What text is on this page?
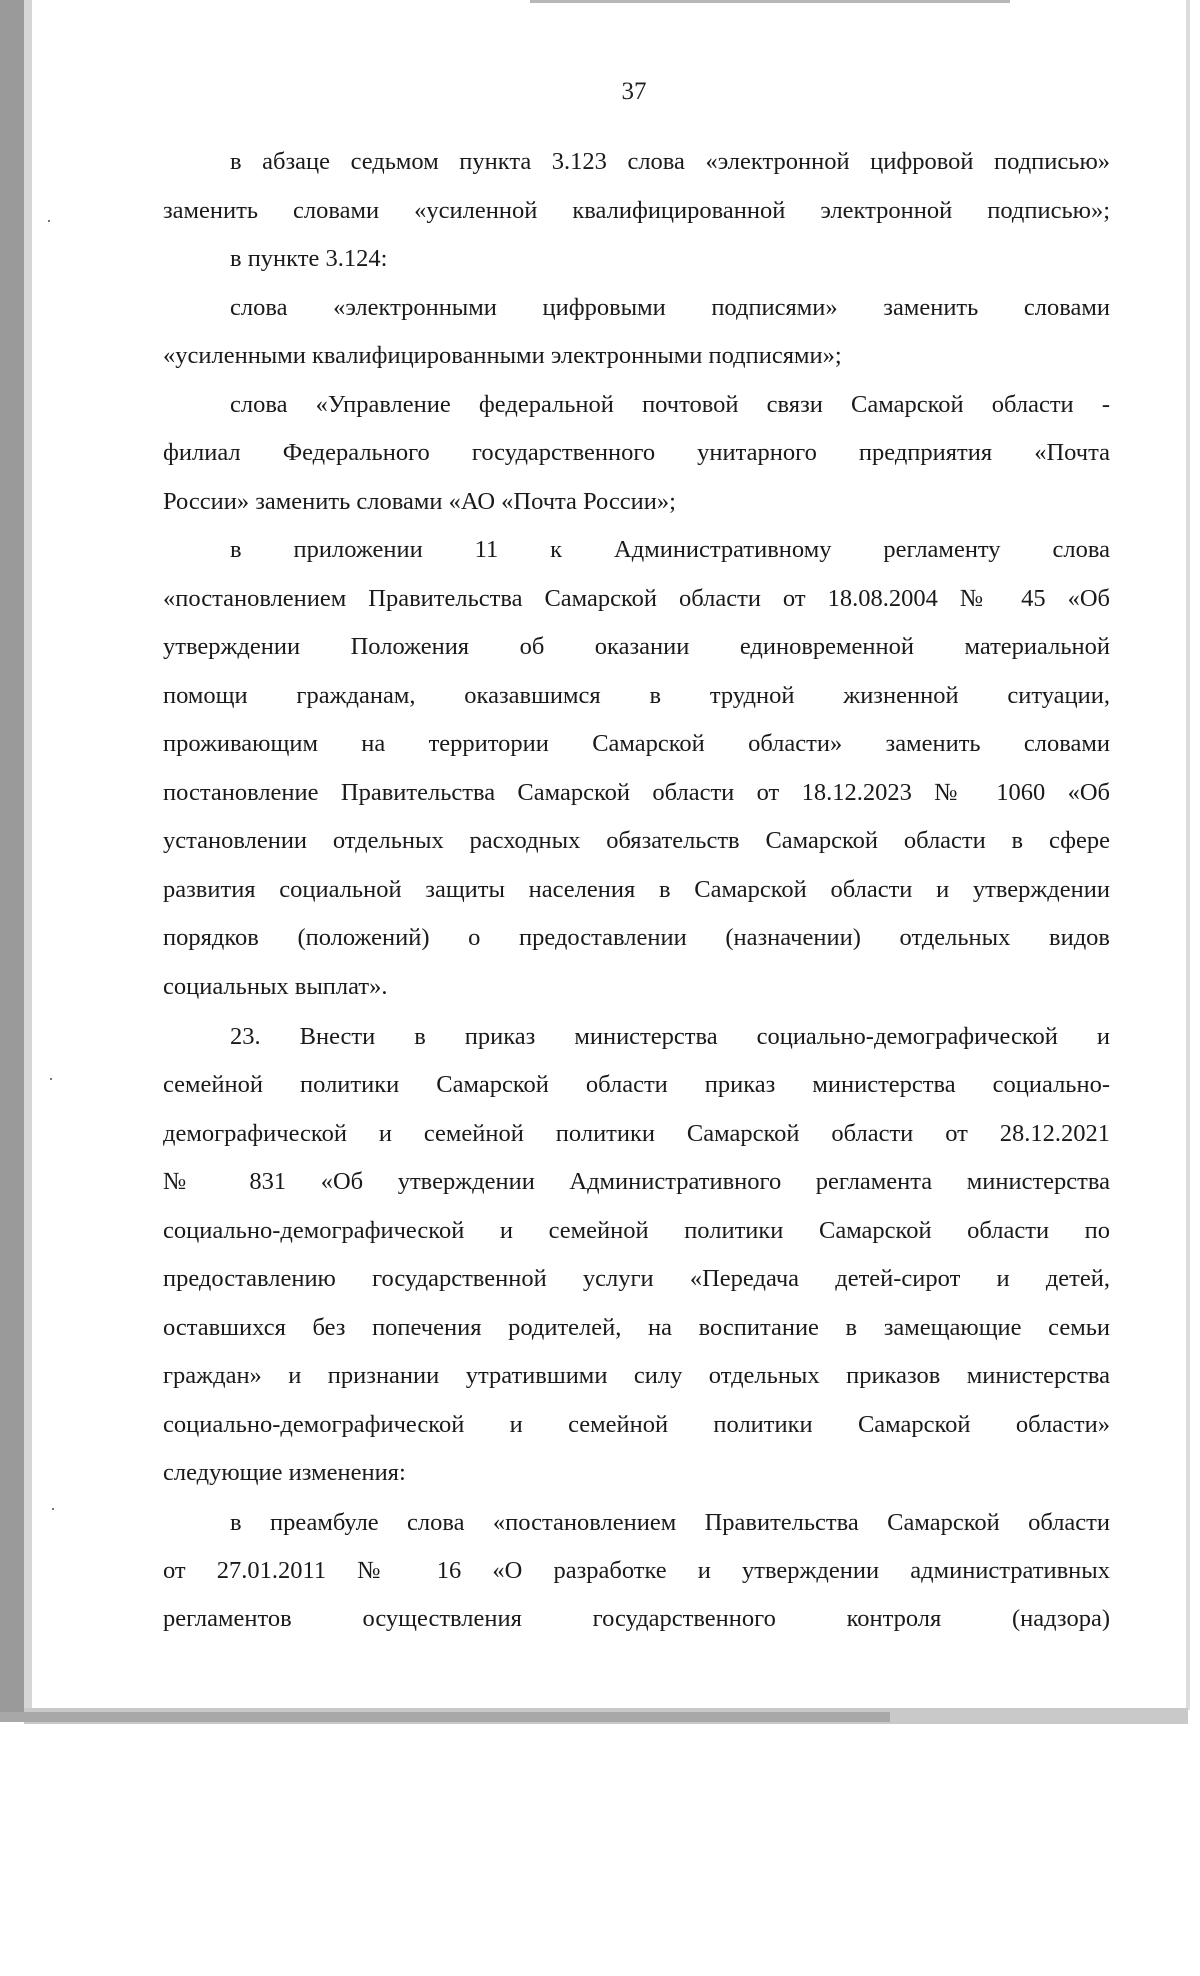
37
в абзаце седьмом пункта 3.123 слова «электронной цифровой подписью»
заменить словами «усиленной квалифицированной электронной подписью»;
в пункте 3.124:
слова «электронными цифровыми подписями» заменить словами
«усиленными квалифицированными электронными подписями»;
слова «Управление федеральной почтовой связи Самарской области -
филиал Федерального государственного унитарного предприятия «Почта
России» заменить словами «АО «Почта России»;
в приложении 11 к Административному регламенту слова
«постановлением Правительства Самарской области от 18.08.2004 № 45 «Об
утверждении Положения об оказании единовременной материальной
помощи гражданам, оказавшимся в трудной жизненной ситуации,
проживающим на территории Самарской области» заменить словами
постановление Правительства Самарской области от 18.12.2023 № 1060 «Об
установлении отдельных расходных обязательств Самарской области в сфере
развития социальной защиты населения в Самарской области и утверждении
порядков (положений) о предоставлении (назначении) отдельных видов
социальных выплат».
23. Внести в приказ министерства социально-демографической и
семейной политики Самарской области приказ министерства социально-
демографической и семейной политики Самарской области от 28.12.2021
№ 831 «Об утверждении Административного регламента министерства
социально-демографической и семейной политики Самарской области по
предоставлению государственной услуги «Передача детей-сирот и детей,
оставшихся без попечения родителей, на воспитание в замещающие семьи
граждан» и признании утратившими силу отдельных приказов министерства
социально-демографической и семейной политики Самарской области»
следующие изменения:
в преамбуле слова «постановлением Правительства Самарской области
от 27.01.2011 № 16 «О разработке и утверждении административных
регламентов осуществления государственного контроля (надзора)
